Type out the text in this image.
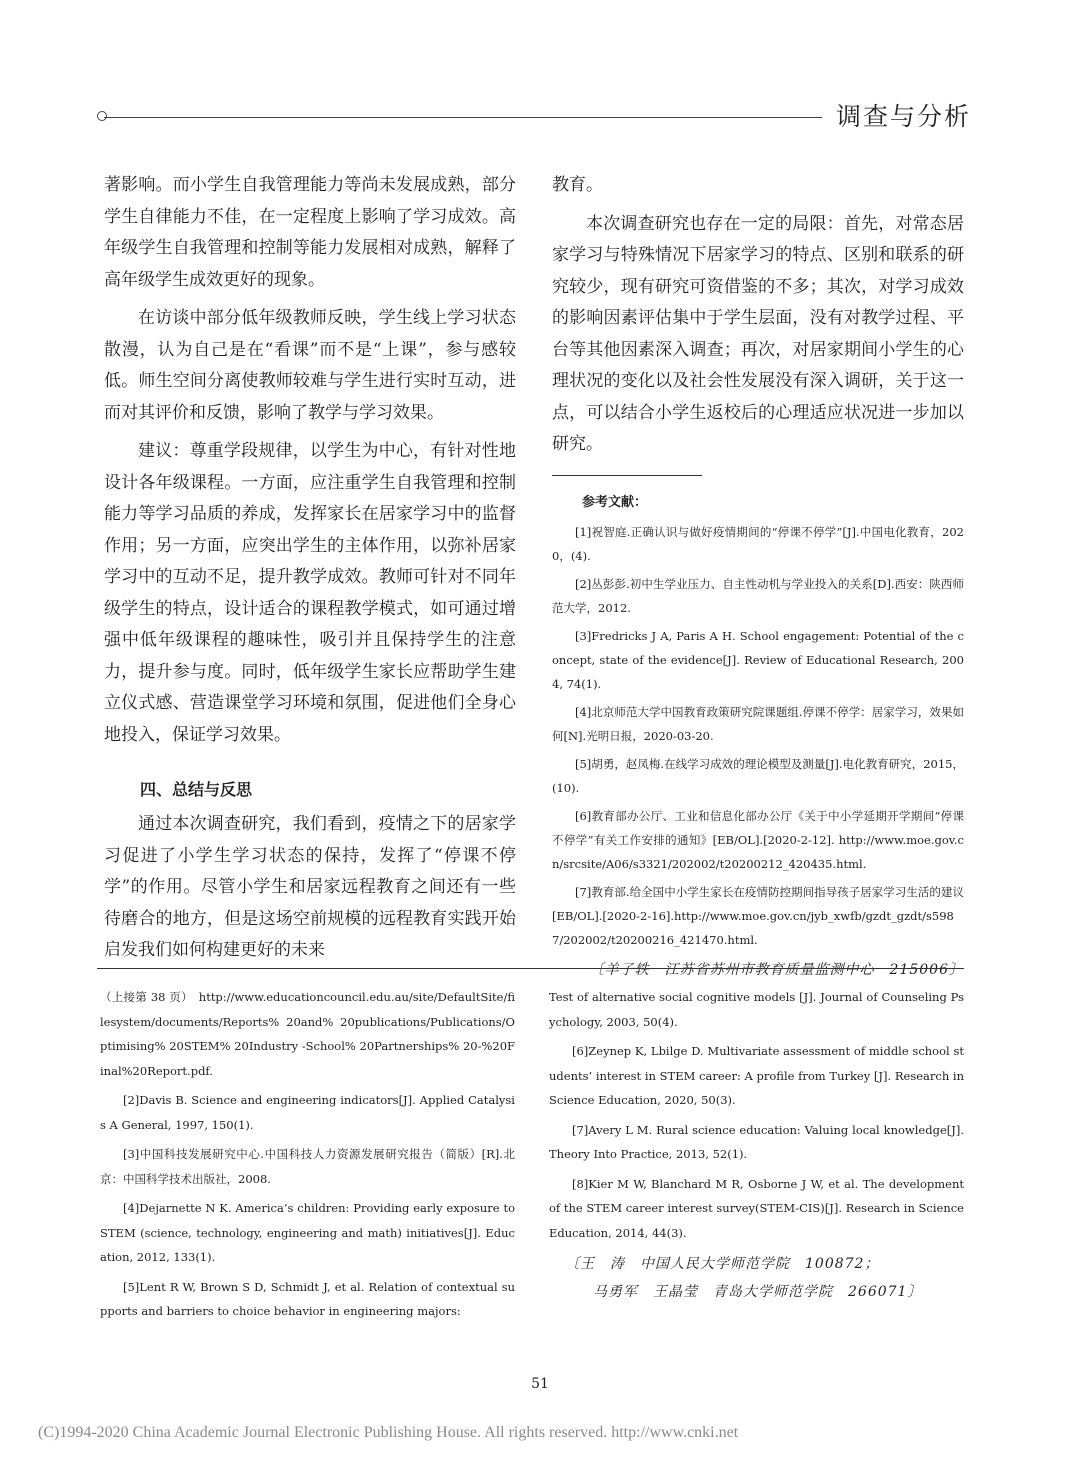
调查与分析

著影响。而小学生自我管理能力等尚未发展成熟，部分学生自律能力不佳，在一定程度上影响了学习成效。高年级学生自我管理和控制等能力发展相对成熟，解释了高年级学生成效更好的现象。

在访谈中部分低年级教师反映，学生线上学习状态散漫，认为自己是在“看课”而不是“上课”，参与感较低。师生空间分离使教师较难与学生进行实时互动，进而对其评价和反馈，影响了教学与学习效果。

建议：尊重学段规律，以学生为中心，有针对性地设计各年级课程。一方面，应注重学生自我管理和控制能力等学习品质的养成，发挥家长在居家学习中的监督作用；另一方面，应突出学生的主体作用，以弥补居家学习中的互动不足，提升教学成效。教师可针对不同年级学生的特点，设计适合的课程教学模式，如可通过增强中低年级课程的趣味性，吸引并且保持学生的注意力，提升参与度。同时，低年级学生家长应帮助学生建立仪式感、营造课堂学习环境和氛围，促进他们全身心地投入，保证学习效果。

四、总结与反思

通过本次调查研究，我们看到，疫情之下的居家学习促进了小学生学习状态的保持，发挥了“停课不停学”的作用。尽管小学生和居家远程教育之间还有一些待磨合的地方，但是这场空前规模的远程教育实践开始启发我们如何构建更好的未来

教育。

本次调查研究也存在一定的局限：首先，对常态居家学习与特殊情况下居家学习的特点、区别和联系的研究较少，现有研究可资借鉴的不多；其次，对学习成效的影响因素评估集中于学生层面，没有对教学过程、平台等其他因素深入调查；再次，对居家期间小学生的心理状况的变化以及社会性发展没有深入调研，关于这一点，可以结合小学生返校后的心理适应状况进一步加以研究。

参考文献：

[1]祝智庭.正确认识与做好疫情期间的“停课不停学”[J].中国电化教育，2020，(4).

[2]丛彭彭.初中生学业压力、自主性动机与学业投入的关系[D].西安：陕西师范大学，2012.

[3]Fredricks J A, Paris A H. School engagement: Potential of the concept, state of the evidence[J]. Review of Educational Research, 2004, 74(1).

[4]北京师范大学中国教育政策研究院课题组.停课不停学：居家学习，效果如何[N].光明日报，2020-03-20.

[5]胡勇，赵凤梅.在线学习成效的理论模型及测量[J].电化教育研究，2015，(10).

[6]教育部办公厅、工业和信息化部办公厅《关于中小学延期开学期间“停课不停学”有关工作安排的通知》[EB/OL].[2020-2-12]. http://www.moe.gov.cn/srcsite/A06/s3321/202002/t20200212_420435.html.

[7]教育部.给全国中小学生家长在疫情防控期间指导孩子居家学习生活的建议[EB/OL].[2020-2-16].http://www.moe.gov.cn/jyb_xwfb/gzdt_gzdt/s5987/202002/t20200216_421470.html.

〔羊子轶　江苏省苏州市教育质量监测中心　215006〕

（上接第 38 页）　http://www.educationcouncil.edu.au/site/DefaultSite/filesystem/documents/Reports% 20and% 20publications/Publications/Optimising% 20STEM% 20Industry -School% 20Partnerships% 20-%20Final%20Report.pdf.

[2]Davis B. Science and engineering indicators[J]. Applied Catalysis A General, 1997, 150(1).

[3]中国科技发展研究中心.中国科技人力资源发展研究报告（简版）[R].北京：中国科学技术出版社，2008.

[4]Dejarnette N K. America’s children: Providing early exposure to STEM (science, technology, engineering and math) initiatives[J]. Education, 2012, 133(1).

[5]Lent R W, Brown S D, Schmidt J, et al. Relation of contextual supports and barriers to choice behavior in engineering majors:

Test of alternative social cognitive models [J]. Journal of Counseling Psychology, 2003, 50(4).

[6]Zeynep K, Lbilge D. Multivariate assessment of middle school students’ interest in STEM career: A profile from Turkey [J]. Research in Science Education, 2020, 50(3).

[7]Avery L M. Rural science education: Valuing local knowledge[J]. Theory Into Practice, 2013, 52(1).

[8]Kier M W, Blanchard M R, Osborne J W, et al. The development of the STEM career interest survey(STEM-CIS)[J]. Research in Science Education, 2014, 44(3).

〔王　涛　中国人民大学师范学院　100872；

马勇军　王晶莹　青岛大学师范学院　266071〕

51
(C)1994-2020 China Academic Journal Electronic Publishing House. All rights reserved. http://www.cnki.net
